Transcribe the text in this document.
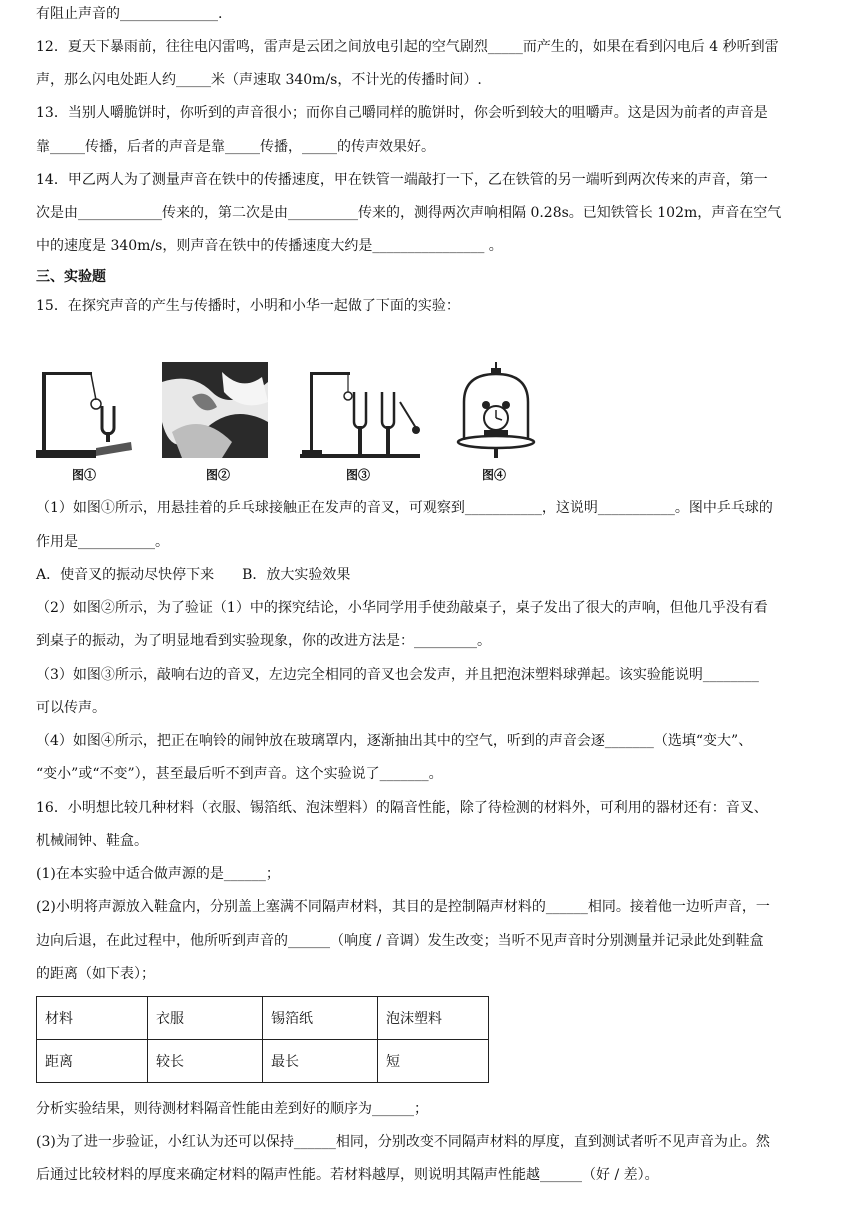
有阻止声音的______________.
12．夏天下暴雨前，往往电闪雷鸣，雷声是云团之间放电引起的空气剧烈_____而产生的，如果在看到闪电后 4 秒听到雷
声，那么闪电处距人约_____米（声速取 340m/s，不计光的传播时间）.
13．当别人嚼脆饼时，你听到的声音很小；而你自己嚼同样的脆饼时，你会听到较大的咀嚼声。这是因为前者的声音是
靠_____传播，后者的声音是靠_____传播，_____的传声效果好。
14．甲乙两人为了测量声音在铁中的传播速度，甲在铁管一端敲打一下，乙在铁管的另一端听到两次传来的声音，第一
次是由____________传来的，第二次是由__________传来的，测得两次声响相隔 0.28s。已知铁管长 102m，声音在空气
中的速度是 340m/s，则声音在铁中的传播速度大约是________________ 。
三、实验题
15．在探究声音的产生与传播时，小明和小华一起做了下面的实验：
图①	图②	图③	图④
（1）如图①所示，用悬挂着的乒乓球接触正在发声的音叉，可观察到___________，这说明___________。图中乒乓球的
作用是___________。
A．使音叉的振动尽快停下来　　B．放大实验效果
（2）如图②所示，为了验证（1）中的探究结论，小华同学用手使劲敲桌子，桌子发出了很大的声响，但他几乎没有看
到桌子的振动，为了明显地看到实验现象，你的改进方法是：_________。
（3）如图③所示，敲响右边的音叉，左边完全相同的音叉也会发声，并且把泡沫塑料球弹起。该实验能说明________
可以传声。
（4）如图④所示，把正在响铃的闹钟放在玻璃罩内，逐渐抽出其中的空气，听到的声音会逐_______（选填“变大”、
“变小”或“不变”），甚至最后听不到声音。这个实验说了_______。
16．小明想比较几种材料（衣服、锡箔纸、泡沫塑料）的隔音性能，除了待检测的材料外，可利用的器材还有：音叉、
机械闹钟、鞋盒。
(1)在本实验中适合做声源的是______；
(2)小明将声源放入鞋盒内，分别盖上塞满不同隔声材料，其目的是控制隔声材料的______相同。接着他一边听声音，一
边向后退，在此过程中，他所听到声音的______（响度 / 音调）发生改变；当听不见声音时分别测量并记录此处到鞋盒
的距离（如下表）；
材料	衣服	锡箔纸	泡沫塑料
距离	较长	最长	短
分析实验结果，则待测材料隔音性能由差到好的顺序为______；
(3)为了进一步验证，小红认为还可以保持______相同，分别改变不同隔声材料的厚度，直到测试者听不见声音为止。然
后通过比较材料的厚度来确定材料的隔声性能。若材料越厚，则说明其隔声性能越______（好 / 差）。
